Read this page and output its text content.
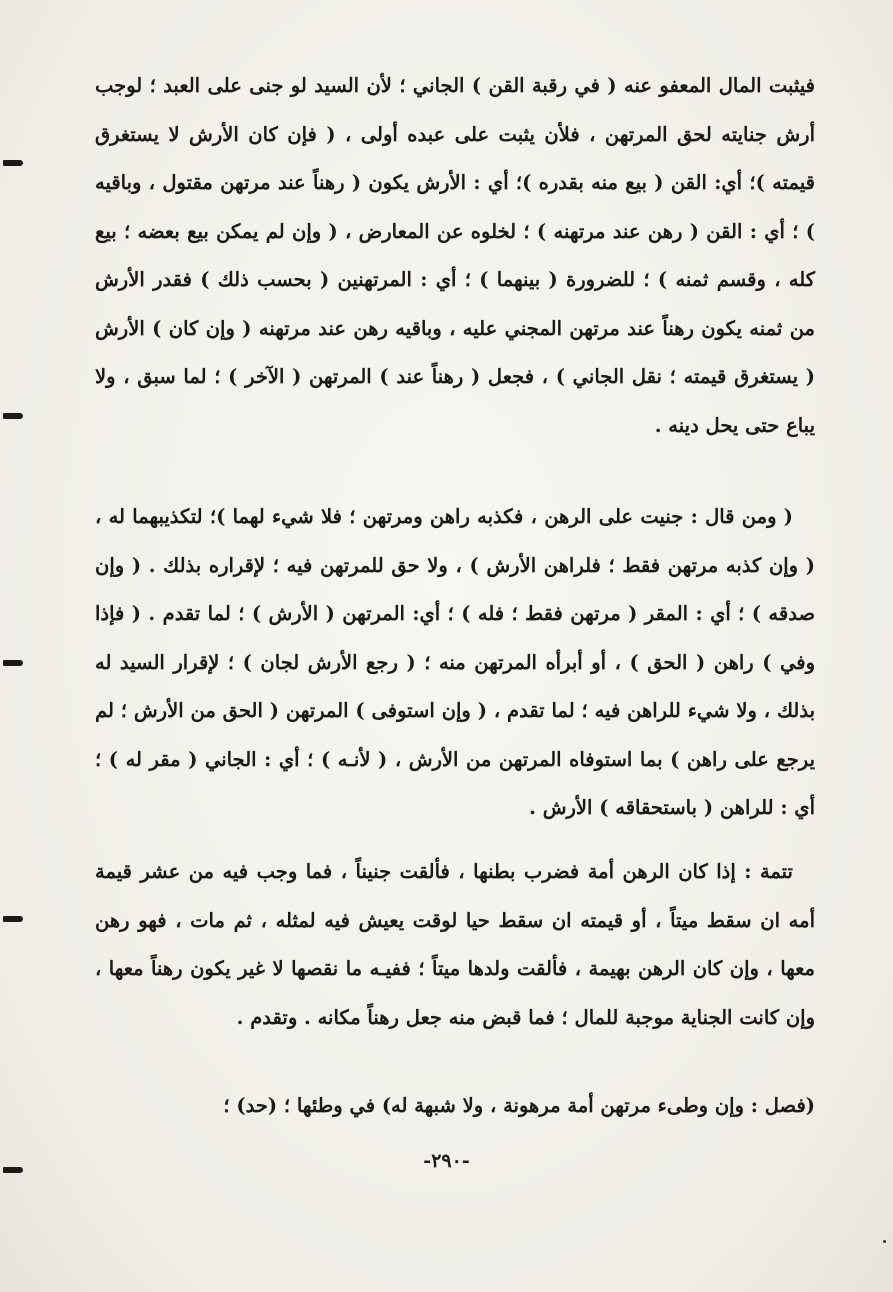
فيثبت المال المعفو عنه ( في رقبة القن ) الجاني ؛ لأن السيد لو جنى على العبد ؛ لوجب أرش جنايته لحق المرتهن ، فلأن يثبت على عبده أولى ، ( فإن كان الأرش لا يستغرق قيمته )؛ أي: القن ( بيع منه بقدره )؛ أي : الأرش يكون ( رهناً عند مرتهن مقتول ، وباقيه ) ؛ أي : القن ( رهن عند مرتهنه ) ؛ لخلوه عن المعارض ، ( وإن لم يمكن بيع بعضه ؛ بيع كله ، وقسم ثمنه ) ؛ للضرورة ( بينهما ) ؛ أي : المرتهنين ( بحسب ذلك ) فقدر الأرش من ثمنه يكون رهناً عند مرتهن المجني عليه ، وباقيه رهن عند مرتهنه ( وإن كان ) الأرش ( يستغرق قيمته ؛ نقل الجاني ) ، فجعل ( رهناً عند ) المرتهن ( الآخر ) ؛ لما سبق ، ولا يباع حتى يحل دينه .

( ومن قال : جنيت على الرهن ، فكذبه راهن ومرتهن ؛ فلا شيء لهما )؛ لتكذيبهما له ، ( وإن كذبه مرتهن فقط ؛ فلراهن الأرش ) ، ولا حق للمرتهن فيه ؛ لإقراره بذلك . ( وإن صدقه ) ؛ أي : المقر ( مرتهن فقط ؛ فله ) ؛ أي: المرتهن ( الأرش ) ؛ لما تقدم . ( فإذا وفي ) راهن ( الحق ) ، أو أبرأه المرتهن منه ؛ ( رجع الأرش لجان ) ؛ لإقرار السيد له بذلك ، ولا شيء للراهن فيه ؛ لما تقدم ، ( وإن استوفى ) المرتهن ( الحق من الأرش ؛ لم يرجع على راهن ) بما استوفاه المرتهن من الأرش ، ( لأنـه ) ؛ أي : الجاني ( مقر له ) ؛ أي : للراهن ( باستحقاقه ) الأرش .

تتمة : إذا كان الرهن أمة فضرب بطنها ، فألقت جنيناً ، فما وجب فيه من عشر قيمة أمه ان سقط ميتاً ، أو قيمته ان سقط حيا لوقت يعيش فيه لمثله ، ثم مات ، فهو رهن معها ، وإن كان الرهن بهيمة ، فألقت ولدها ميتاً ؛ ففيـه ما نقصها لا غير يكون رهناً معها ، وإن كانت الجناية موجبة للمال ؛ فما قبض منه جعل رهناً مكانه . وتقدم .

(فصل : وإن وطىء مرتهن أمة مرهونة ، ولا شبهة له) في وطئها ؛ (حد) ؛

-٢٩٠-
